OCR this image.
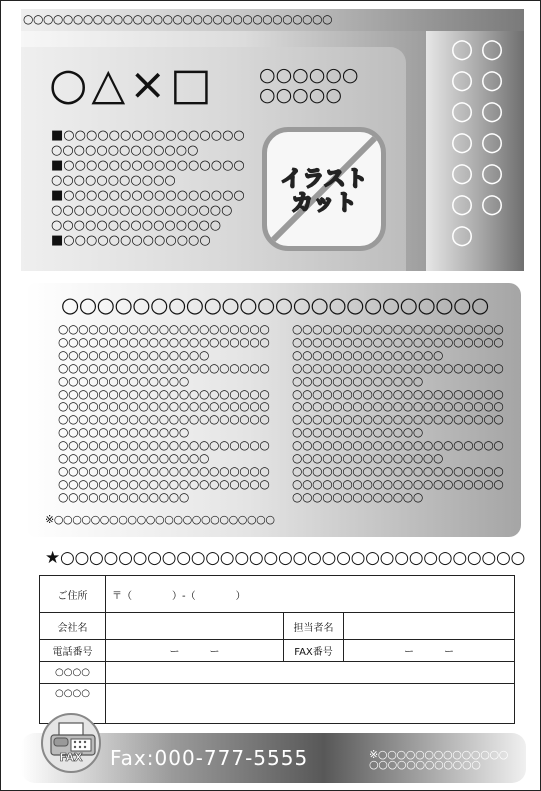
○○○○○○○○○○○○○○○○○○○○○○○○○○○○○○○
○ ○
○ ○
○ ○
○ ○
○ ○
○ ○
○
○△×□ ○○○○○○
○○○○○
■○○○○○○○○○○○○○○○○
○○○○○○○○○○○○○
■○○○○○○○○○○○○○○○○
○○○○○○○○○○○
■○○○○○○○○○○○○○○○○
○○○○○○○○○○○○○○○○
○○○○○○○○○○○○○○○
■○○○○○○○○○○○○○
イラスト
カット
○○○○○○○○○○○○○○○○○○○○○○○○
○○○○○○○○○○○○○○○○○○○○○
○○○○○○○○○○○○○○○○○○○○○
○○○○○○○○○○○○○○○
○○○○○○○○○○○○○○○○○○○○○
○○○○○○○○○○○○○
○○○○○○○○○○○○○○○○○○○○○
○○○○○○○○○○○○○○○○○○○○○
○○○○○○○○○○○○○○○○○○○○○
○○○○○○○○○○○○○
○○○○○○○○○○○○○○○○○○○○○
○○○○○○○○○○○○○○○
○○○○○○○○○○○○○○○○○○○○○
○○○○○○○○○○○○○○○○○○○○○
○○○○○○○○○○○○○
○○○○○○○○○○○○○○○○○○○○○
○○○○○○○○○○○○○○○○○○○○○
○○○○○○○○○○○○○○○
○○○○○○○○○○○○○○○○○○○○○
○○○○○○○○○○○○○
○○○○○○○○○○○○○○○○○○○○○
○○○○○○○○○○○○○○○○○○○○○
○○○○○○○○○○○○○○○○○○○○○
○○○○○○○○○○○○○
○○○○○○○○○○○○○○○○○○○○○
○○○○○○○○○○○○○○○
○○○○○○○○○○○○○○○○○○○○○
○○○○○○○○○○○○○○○○○○○○○
○○○○○○○○○○○○○
※○○○○○○○○○○○○○○○○○○○○○○○○
★○○○○○○○○○○○○○○○○○○○○○○○○○○○○○○○○
ご住所	〒（　　　　）-（　　　　）		
会社名		担当者名	
電話番号	ー　　　ー	FAX番号	ー　　　ー
○○○○			
○○○○			
FAX	Fax:000-777-5555	※○○○○○○○○○○○○○○
○○○○○○○○○○○○
